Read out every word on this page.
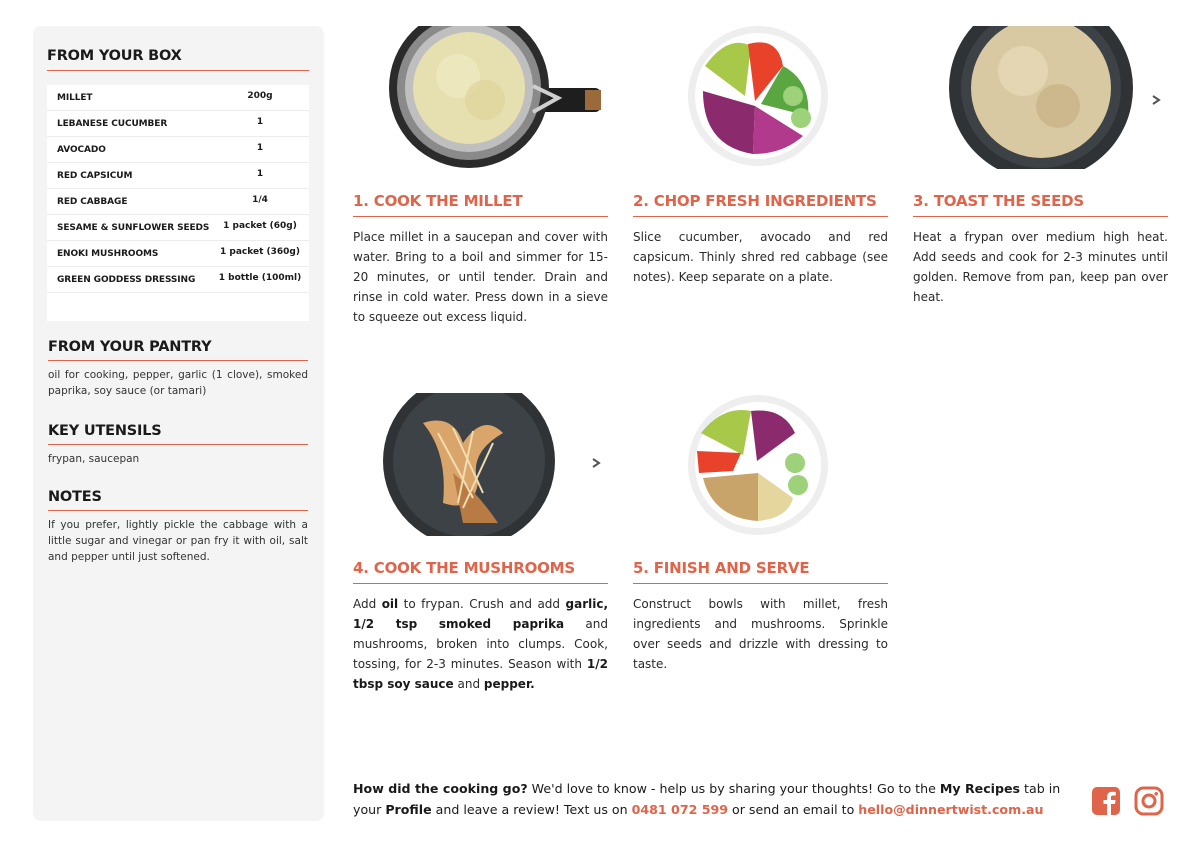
FROM YOUR BOX
MILLET	200g
LEBANESE CUCUMBER	1
AVOCADO	1
RED CAPSICUM	1
RED CABBAGE	1/4
SESAME & SUNFLOWER SEEDS	1 packet (60g)
ENOKI MUSHROOMS	1 packet (360g)
GREEN GODDESS DRESSING	1 bottle (100ml)
FROM YOUR PANTRY
oil for cooking, pepper, garlic (1 clove), smoked paprika, soy sauce (or tamari)
KEY UTENSILS
frypan, saucepan
NOTES
If you prefer, lightly pickle the cabbage with a little sugar and vinegar or pan fry it with oil, salt and pepper until just softened.
1. COOK THE MILLET
Place millet in a saucepan and cover with water. Bring to a boil and simmer for 15-20 minutes, or until tender. Drain and rinse in cold water. Press down in a sieve to squeeze out excess liquid.
2. CHOP FRESH INGREDIENTS
Slice cucumber, avocado and red capsicum. Thinly shred red cabbage (see notes). Keep separate on a plate.
3. TOAST THE SEEDS
Heat a frypan over medium high heat. Add seeds and cook for 2-3 minutes until golden. Remove from pan, keep pan over heat.
4. COOK THE MUSHROOMS
Add oil to frypan. Crush and add garlic, 1/2 tsp smoked paprika and mushrooms, broken into clumps. Cook, tossing, for 2-3 minutes. Season with 1/2 tbsp soy sauce and pepper.
5. FINISH AND SERVE
Construct bowls with millet, fresh ingredients and mushrooms. Sprinkle over seeds and drizzle with dressing to taste.
How did the cooking go? We'd love to know - help us by sharing your thoughts! Go to the My Recipes tab in your Profile and leave a review! Text us on 0481 072 599 or send an email to hello@dinnertwist.com.au
